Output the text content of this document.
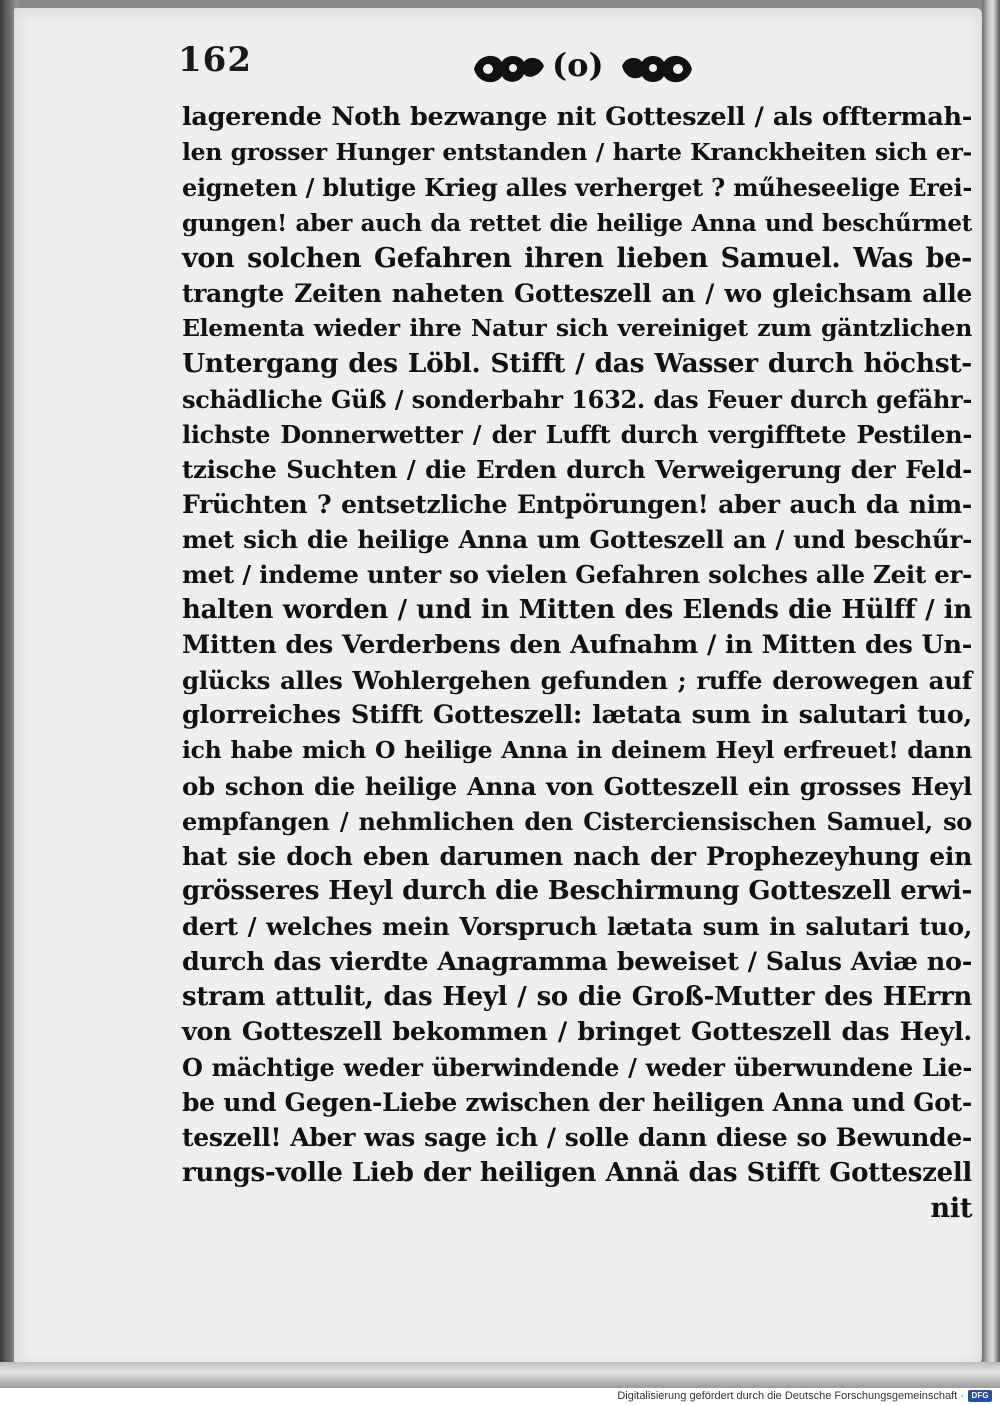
162	(o)
lagerende Noth bezwange nit Gotteszell / als offtermah-
len grosser Hunger entstanden / harte Kranckheiten sich er-
eigneten / blutige Krieg alles verherget ? műheseelige Erei-
gungen! aber auch da rettet die heilige Anna und beschűrmet
von solchen Gefahren ihren lieben Samuel. Was be-
trangte Zeiten naheten Gotteszell an / wo gleichsam alle
Elementa wieder ihre Natur sich vereiniget zum gäntzlichen
Untergang des Löbl. Stifft / das Wasser durch höchst-
schädliche Güß / sonderbahr 1632. das Feuer durch gefähr-
lichste Donnerwetter / der Lufft durch vergifftete Pestilen-
tzische Suchten / die Erden durch Verweigerung der Feld-
Früchten ? entsetzliche Entpörungen! aber auch da nim-
met sich die heilige Anna um Gotteszell an / und beschűr-
met / indeme unter so vielen Gefahren solches alle Zeit er-
halten worden / und in Mitten des Elends die Hülff / in
Mitten des Verderbens den Aufnahm / in Mitten des Un-
glücks alles Wohlergehen gefunden ; ruffe derowegen auf
glorreiches Stifft Gotteszell: lætata sum in salutari tuo,
ich habe mich O heilige Anna in deinem Heyl erfreuet! dann
ob schon die heilige Anna von Gotteszell ein grosses Heyl
empfangen / nehmlichen den Cisterciensischen Samuel, so
hat sie doch eben darumen nach der Prophezeyhung ein
grösseres Heyl durch die Beschirmung Gotteszell erwi-
dert / welches mein Vorspruch lætata sum in salutari tuo,
durch das vierdte Anagramma beweiset / Salus Aviæ no-
stram attulit, das Heyl / so die Groß-Mutter des HErrn
von Gotteszell bekommen / bringet Gotteszell das Heyl.
O mächtige weder überwindende / weder überwundene Lie-
be und Gegen-Liebe zwischen der heiligen Anna und Got-
teszell! Aber was sage ich / solle dann diese so Bewunde-
rungs-volle Lieb der heiligen Annä das Stifft Gotteszell
nit
Digitalisierung gefördert durch die Deutsche Forschungsgemeinschaft · DFG
